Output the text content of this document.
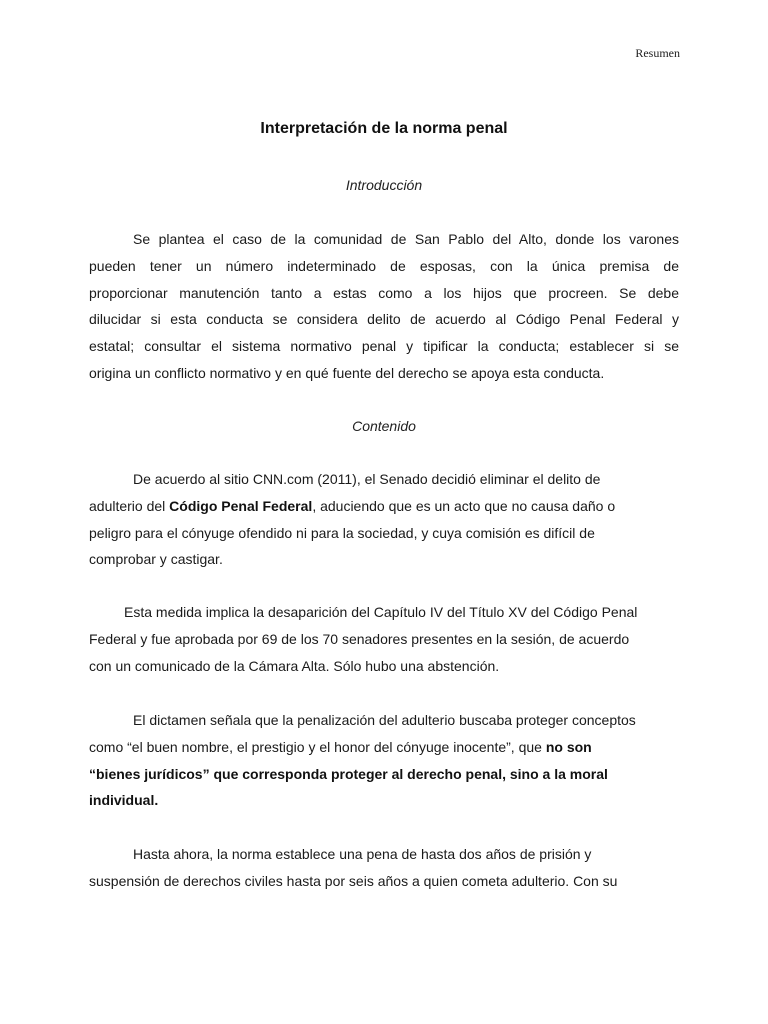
Resumen
Interpretación de la norma penal
Introducción
Se plantea el caso de la comunidad de San Pablo del Alto, donde los varones
pueden tener un número indeterminado de esposas, con la única premisa de
proporcionar manutención tanto a estas como a los hijos que procreen. Se debe
dilucidar si esta conducta se considera delito de acuerdo al Código Penal Federal y
estatal; consultar el sistema normativo penal y tipificar la conducta; establecer si se
origina un conflicto normativo y en qué fuente del derecho se apoya esta conducta.
Contenido
De acuerdo al sitio CNN.com (2011), el Senado decidió eliminar el delito de
adulterio del Código Penal Federal, aduciendo que es un acto que no causa daño o
peligro para el cónyuge ofendido ni para la sociedad, y cuya comisión es difícil de
comprobar y castigar.
Esta medida implica la desaparición del Capítulo IV del Título XV del Código Penal
Federal y fue aprobada por 69 de los 70 senadores presentes en la sesión, de acuerdo
con un comunicado de la Cámara Alta. Sólo hubo una abstención.
El dictamen señala que la penalización del adulterio buscaba proteger conceptos
como “el buen nombre, el prestigio y el honor del cónyuge inocente”, que no son
“bienes jurídicos” que corresponda proteger al derecho penal, sino a la moral
individual.
Hasta ahora, la norma establece una pena de hasta dos años de prisión y
suspensión de derechos civiles hasta por seis años a quien cometa adulterio. Con su
